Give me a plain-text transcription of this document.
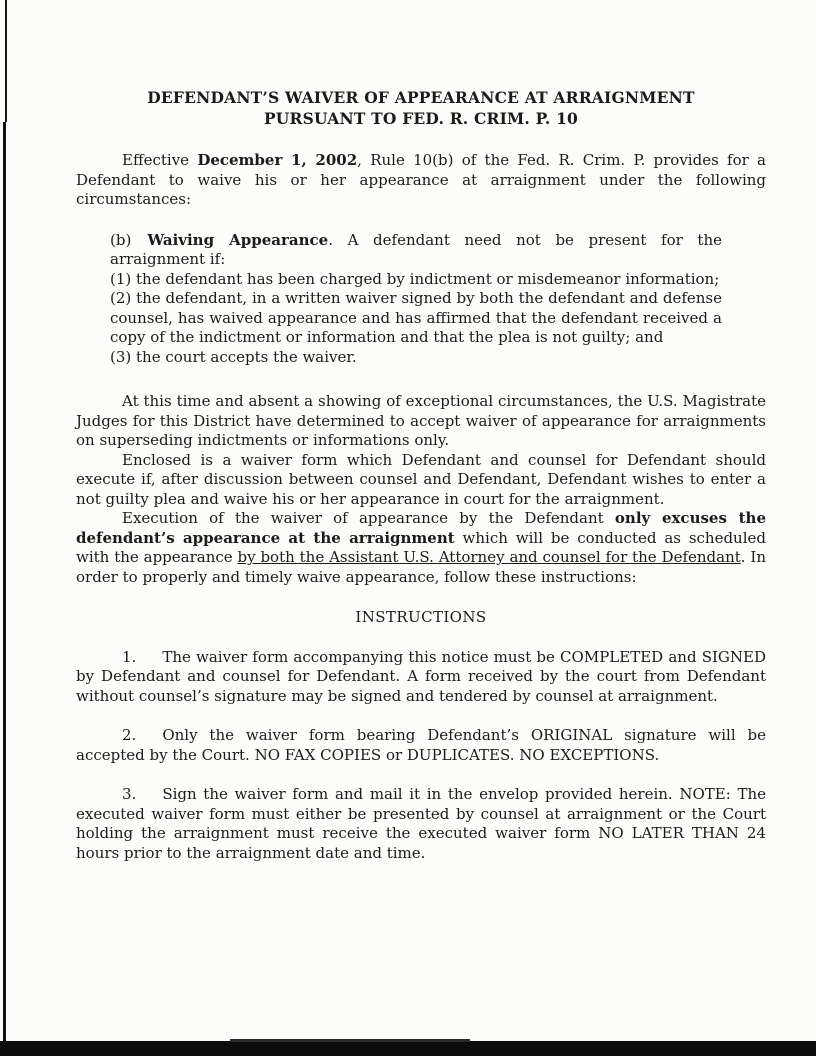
DEFENDANT’S WAIVER OF APPEARANCE AT ARRAIGNMENT
PURSUANT TO FED. R. CRIM. P. 10

Effective December 1, 2002, Rule 10(b) of the Fed. R. Crim. P. provides for a Defendant to waive his or her appearance at arraignment under the following circumstances:

(b) Waiving Appearance. A defendant need not be present for the arraignment if:

(1) the defendant has been charged by indictment or misdemeanor information;

(2) the defendant, in a written waiver signed by both the defendant and defense counsel, has waived appearance and has affirmed that the defendant received a copy of the indictment or information and that the plea is not guilty; and

(3) the court accepts the waiver.

At this time and absent a showing of exceptional circumstances, the U.S. Magistrate Judges for this District have determined to accept waiver of appearance for arraignments on superseding indictments or informations only.

Enclosed is a waiver form which Defendant and counsel for Defendant should execute if, after discussion between counsel and Defendant, Defendant wishes to enter a not guilty plea and waive his or her appearance in court for the arraignment.

Execution of the waiver of appearance by the Defendant only excuses the defendant’s appearance at the arraignment which will be conducted as scheduled with the appearance by both the Assistant U.S. Attorney and counsel for the Defendant. In order to properly and timely waive appearance, follow these instructions:

INSTRUCTIONS

1. The waiver form accompanying this notice must be COMPLETED and SIGNED by Defendant and counsel for Defendant. A form received by the court from Defendant without counsel’s signature may be signed and tendered by counsel at arraignment.

2. Only the waiver form bearing Defendant’s ORIGINAL signature will be accepted by the Court. NO FAX COPIES or DUPLICATES. NO EXCEPTIONS.

3. Sign the waiver form and mail it in the envelop provided herein. NOTE: The executed waiver form must either be presented by counsel at arraignment or the Court holding the arraignment must receive the executed waiver form NO LATER THAN 24 hours prior to the arraignment date and time.
